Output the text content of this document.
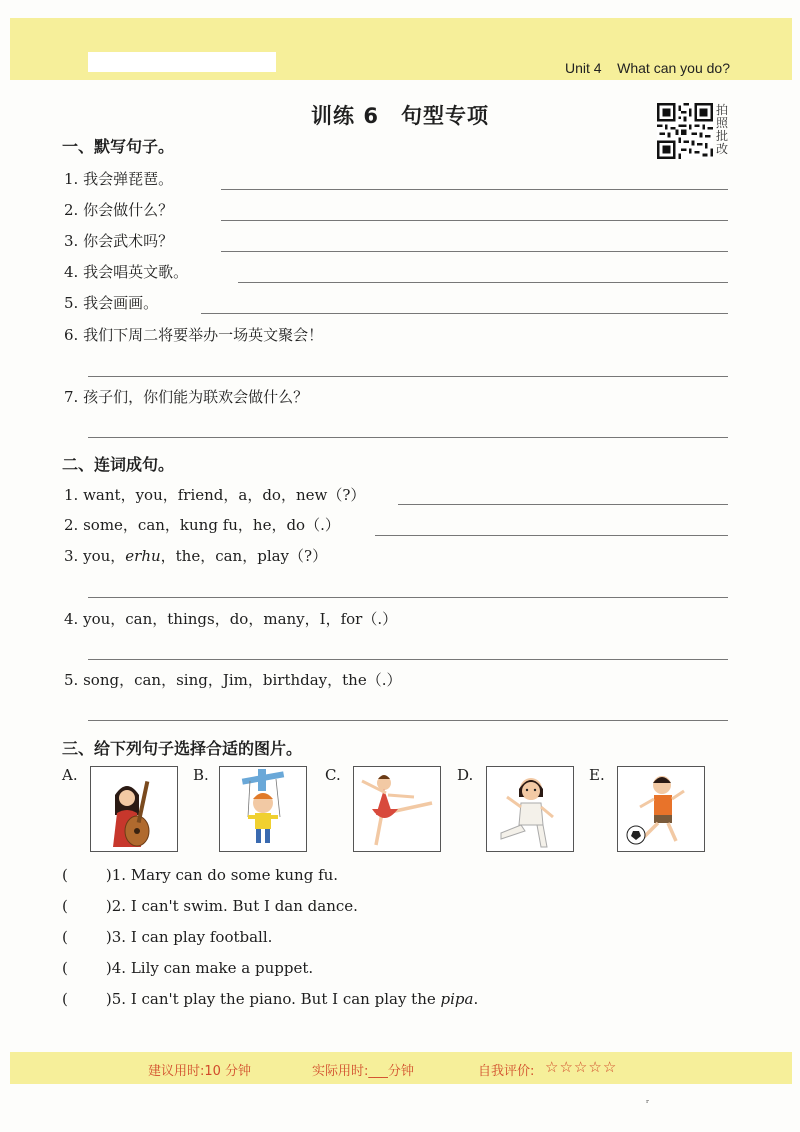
Unit 4 What can you do?
训练 6　句型专项	拍
照
批
改
一、默写句子。
1. 我会弹琵琶。
2. 你会做什么？
3. 你会武术吗？
4. 我会唱英文歌。
5. 我会画画。
6. 我们下周二将要举办一场英文聚会！
7. 孩子们，你们能为联欢会做什么？
二、连词成句。
1. want，you，friend，a，do，new（?）
2. some，can，kung fu，he，do（.）
3. you，erhu，the，can，play（?）
4. you，can，things，do，many，I，for（.）
5. song，can，sing，Jim，birthday，the（.）
三、给下列句子选择合适的图片。
A.	B.	C.	D.	E.
(	)1. Mary can do some kung fu.
(	)2. I can't swim. But I dan dance.
(	)3. I can play football.
(	)4. Lily can make a puppet.
(	)5. I can't play the piano. But I can play the pipa.
建议用时:10 分钟	实际用时:___分钟	自我评价: ☆ ☆ ☆ ☆ ☆
ᵣ
